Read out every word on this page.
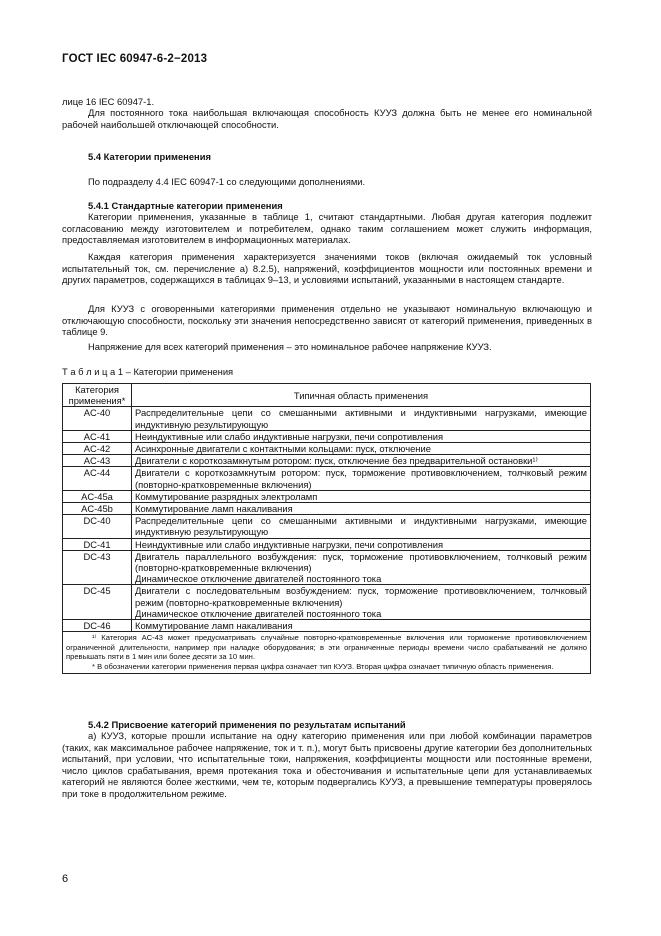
ГОСТ IEC 60947-6-2−2013
лице 16 IEC 60947-1.
Для постоянного тока наибольшая включающая способность КУУЗ должна быть не менее его номинальной рабочей наибольшей отключающей способности.
5.4 Категории применения
По подразделу 4.4 IEC 60947-1 со следующими дополнениями.
5.4.1 Стандартные категории применения
Категории применения, указанные в таблице 1, считают стандартными. Любая другая категория подлежит согласованию между изготовителем и потребителем, однако таким соглашением может служить информация, предоставляемая изготовителем в информационных материалах.
Каждая категория применения характеризуется значениями токов (включая ожидаемый ток условный испытательный ток, см. перечисление а) 8.2.5), напряжений, коэффициентов мощности или постоянных времени и других параметров, содержащихся в таблицах 9–13, и условиями испытаний, указанными в настоящем стандарте.
Для КУУЗ с оговоренными категориями применения отдельно не указывают номинальную включающую и отключающую способности, поскольку эти значения непосредственно зависят от категорий применения, приведенных в таблице 9.
Напряжение для всех категорий применения – это номинальное рабочее напряжение КУУЗ.
Т а б л и ц а 1 – Категории применения
Категория применения*	Типичная область применения
AC-40	Распределительные цепи со смешанными активными и индуктивными нагрузками, имеющие индуктивную результирующую

AC-41	Неиндуктивные или слабо индуктивные нагрузки, печи сопротивления

AC-42	Асинхронные двигатели с контактными кольцами: пуск, отключение

AC-43	Двигатели с короткозамкнутым ротором: пуск, отключение без предварительной остановки¹⁾

AC-44	Двигатели с короткозамкнутым ротором: пуск, торможение противовключением, толчковый режим (повторно-кратковременные включения)

AC-45a	Коммутирование разрядных электроламп

AC-45b	Коммутирование ламп накаливания

DC-40	Распределительные цепи со смешанными активными и индуктивными нагрузками, имеющие индуктивную результирующую

DC-41	Неиндуктивные или слабо индуктивные нагрузки, печи сопротивления

DC-43	Двигатель параллельного возбуждения: пуск, торможение противовключением, толчковый режим (повторно-кратковременные включения)
Динамическое отключение двигателей постоянного тока

DC-45	Двигатели с последовательным возбуждением: пуск, торможение противовключением, толчковый режим (повторно-кратковременные включения)
Динамическое отключение двигателей постоянного тока

DC-46	Коммутирование ламп накаливания

¹⁾ Категория АС-43 может предусматривать случайные повторно-кратковременные включения или торможение противовключением ограниченной длительности, например при наладке оборудования; в эти ограниченные периоды времени число срабатываний не должно превышать пяти в 1 мин или более десяти за 10 мин.
* В обозначении категории применения первая цифра означает тип КУУЗ. Вторая цифра означает типичную область применения.	
5.4.2 Присвоение категорий применения по результатам испытаний
а) КУУЗ, которые прошли испытание на одну категорию применения или при любой комбинации параметров (таких, как максимальное рабочее напряжение, ток и т. п.), могут быть присвоены другие категории без дополнительных испытаний, при условии, что испытательные токи, напряжения, коэффициенты мощности или постоянные времени, число циклов срабатывания, время протекания тока и обесточивания и испытательные цепи для устанавливаемых категорий не являются более жесткими, чем те, которым подвергались КУУЗ, а превышение температуры проверялось при токе в продолжительном режиме.
6
